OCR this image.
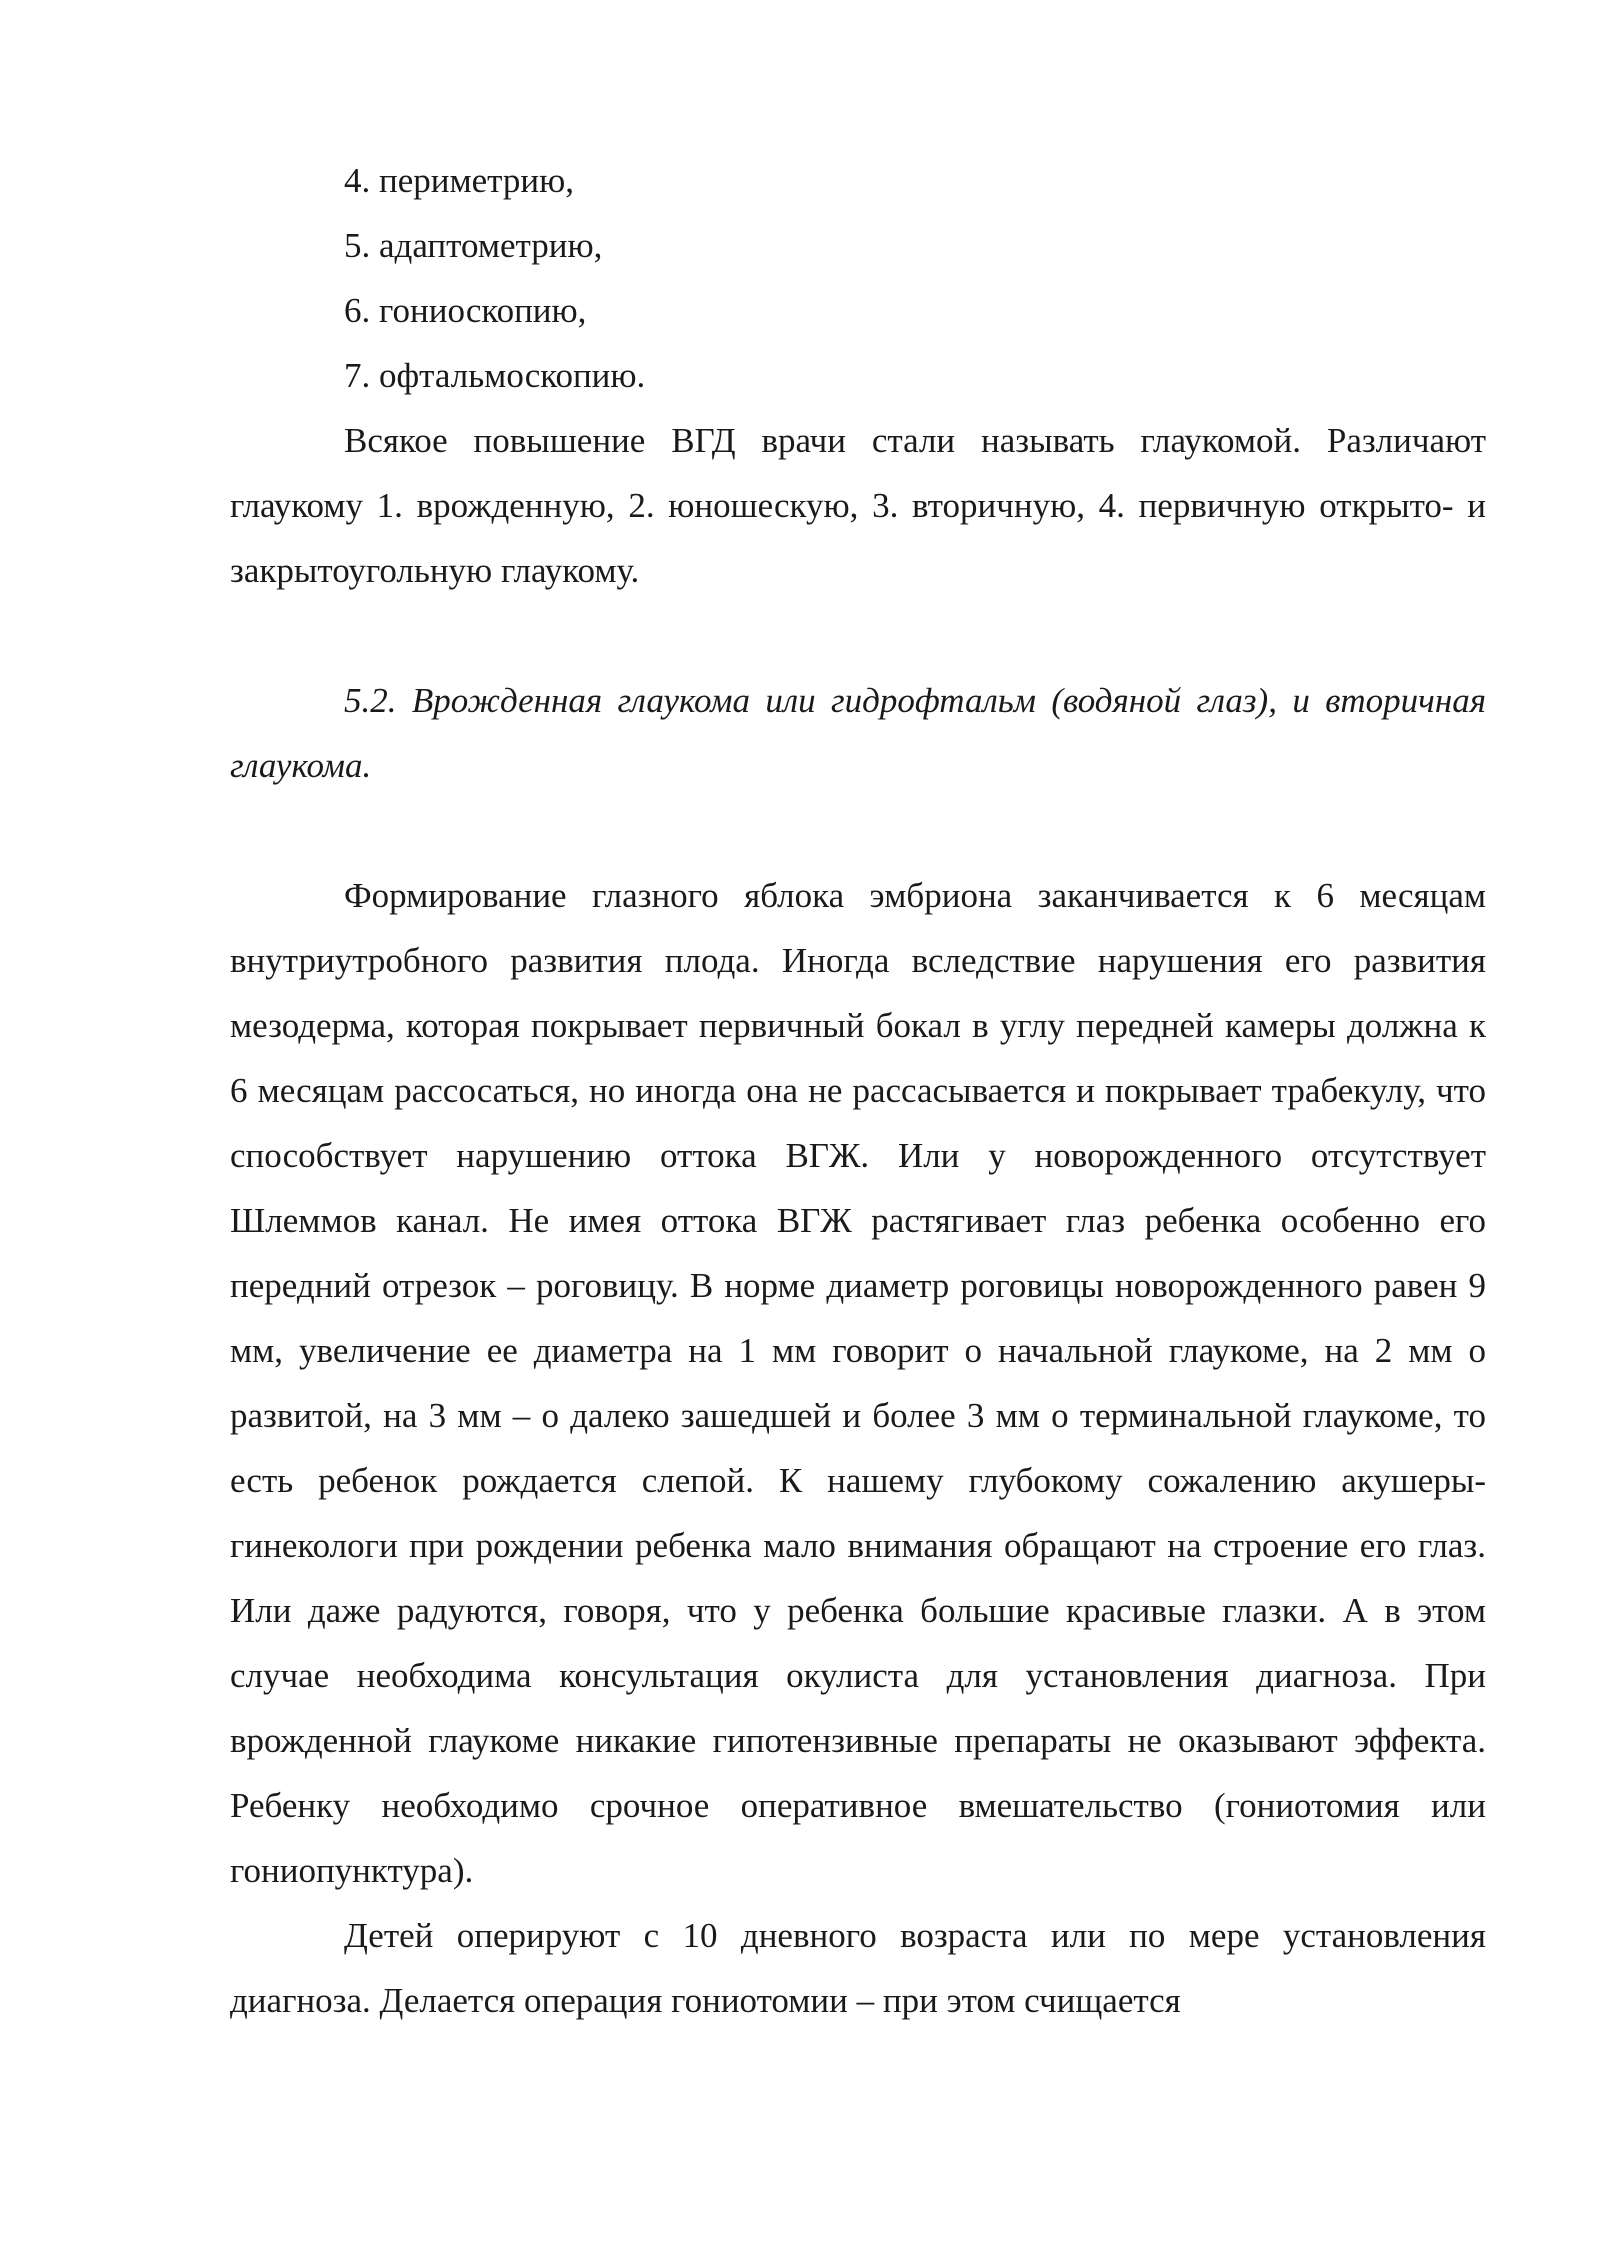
4. периметрию,

5. адаптометрию,

6. гониоскопию,

7. офтальмоскопию.

Всякое повышение ВГД врачи стали называть глаукомой. Различают глаукому 1. врожденную, 2. юношескую, 3. вторичную, 4. первичную открыто- и закрытоугольную глаукому.

5.2. Врожденная глаукома или гидрофтальм (водяной глаз), и вторичная глаукома.

Формирование глазного яблока эмбриона заканчивается к 6 месяцам внутриутробного развития плода. Иногда вследствие нарушения его развития мезодерма, которая покрывает первичный бокал в углу передней камеры должна к 6 месяцам рассосаться, но иногда она не рассасывается и покрывает трабекулу, что способствует нарушению оттока ВГЖ. Или у новорожденного отсутствует Шлеммов канал. Не имея оттока ВГЖ растягивает глаз ребенка особенно его передний отрезок – роговицу. В норме диаметр роговицы новорожденного равен 9 мм, увеличение ее диаметра на 1 мм говорит о начальной глаукоме, на 2 мм о развитой, на 3 мм – о далеко зашедшей и более 3 мм о терминальной глаукоме, то есть ребенок рождается слепой. К нашему глубокому сожалению акушеры-гинекологи при рождении ребенка мало внимания обращают на строение его глаз. Или даже радуются, говоря, что у ребенка большие красивые глазки. А в этом случае необходима консультация окулиста для установления диагноза. При врожденной глаукоме никакие гипотензивные препараты не оказывают эффекта. Ребенку необходимо срочное оперативное вмешательство (гониотомия или гониопунктура).

Детей оперируют с 10 дневного возраста или по мере установления диагноза. Делается операция гониотомии – при этом счищается
